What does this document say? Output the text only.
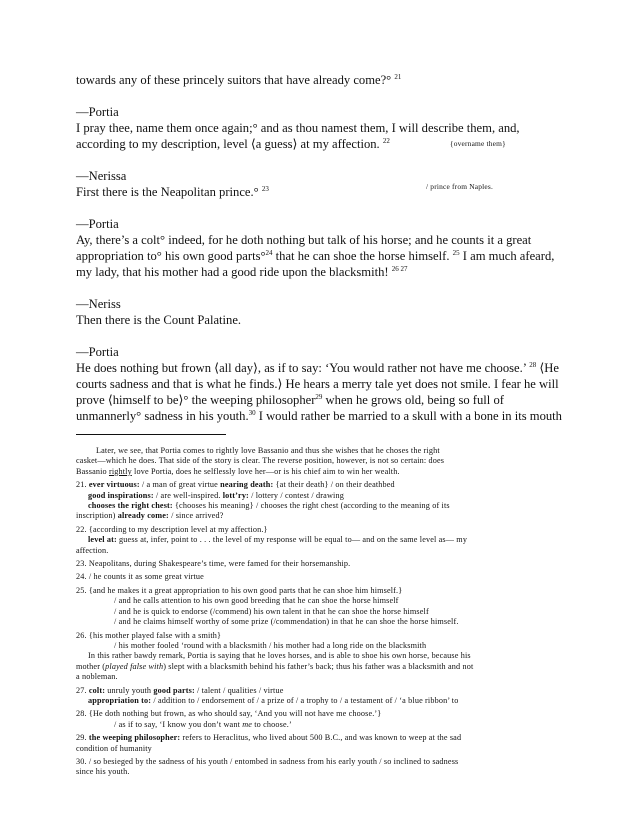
towards any of these princely suitors that have already come?° $^{21}$

—Portia

I pray thee, name them once again;° and as thou namest them, I will describe them, and,

according to my description, level ⟨a guess⟩ at my affection. $^{22}$

—Nerissa

First there is the Neapolitan prince.° $^{23}$

—Portia

Ay, there’s a colt° indeed, for he doth nothing but talk of his horse; and he counts it a great

appropriation to° his own good parts°$^{24}$ that he can shoe the horse himself. $^{25}$ I am much afeard,

my lady, that his mother had a good ride upon the blacksmith! $^{26 27}$

—Neriss

Then there is the Count Palatine.

—Portia

He does nothing but frown ⟨all day⟩, as if to say: ‘You would rather not have me choose.’ $^{28}$ ⟨He

courts sadness and that is what he finds.⟩ He hears a merry tale yet does not smile. I fear he will

prove ⟨himself to be⟩° the weeping philosopher$^{29}$ when he grows old, being so full of

unmannerly° sadness in his youth.$^{30}$ I would rather be married to a skull with a bone in its mouth

{overname them}
/ prince from Naples.

Later, we see, that Portia comes to rightly love Bassanio and thus she wishes that he choses the right

casket—which he does. That side of the story is clear. The reverse position, however, is not so certain: does

Bassanio rightly love Portia, does he selflessly love her—or is his chief aim to win her wealth.

21. ever virtuous: / a man of great virtue nearing death: {at their death} / on their deathbed

good inspirations: / are well-inspired. lott’ry: / lottery / contest / drawing

chooses the right chest: {chooses his meaning} / chooses the right chest (according to the meaning of its

inscription) already come: / since arrived?

22. {according to my description level at my affection.}

level at: guess at, infer, point to . . . the level of my response will be equal to— and on the same level as— my

affection.

23. Neapolitans, during Shakespeare’s time, were famed for their horsemanship.

24. / he counts it as some great virtue

25. {and he makes it a great appropriation to his own good parts that he can shoe him himself.}

/ and he calls attention to his own good breeding that he can shoe the horse himself

/ and he is quick to endorse (/commend) his own talent in that he can shoe the horse himself

/ and he claims himself worthy of some prize (/commendation) in that he can shoe the horse himself.

26. {his mother played false with a smith}

/ his mother fooled ‘round with a blacksmith / his mother had a long ride on the blacksmith

In this rather bawdy remark, Portia is saying that he loves horses, and is able to shoe his own horse, because his

mother (played false with) slept with a blacksmith behind his father’s back; thus his father was a blacksmith and not

a nobleman.

27. colt: unruly youth good parts: / talent / qualities / virtue

appropriation to: / addition to / endorsement of / a prize of / a trophy to / a testament of / ‘a blue ribbon’ to

28. {He doth nothing but frown, as who should say, ‘And you will not have me choose.’}

/ as if to say, ‘I know you don’t want me to choose.’

29. the weeping philosopher: refers to Heraclitus, who lived about 500 B.C., and was known to weep at the sad

condition of humanity

30. / so besieged by the sadness of his youth / entombed in sadness from his early youth / so inclined to sadness

since his youth.
